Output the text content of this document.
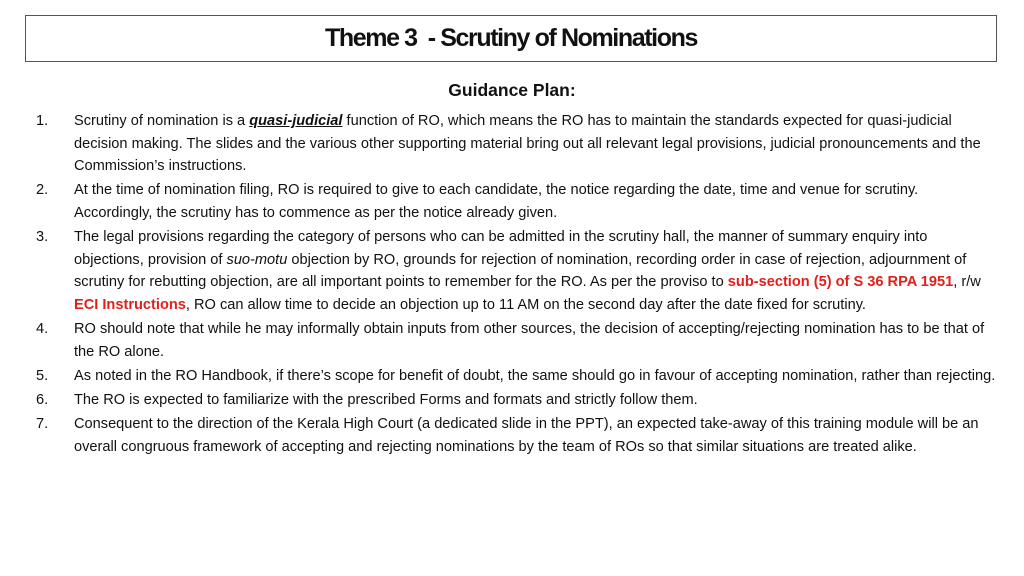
Theme 3  - Scrutiny of Nominations
Guidance Plan:
1. Scrutiny of nomination is a quasi-judicial function of RO, which means the RO has to maintain the standards expected for quasi-judicial decision making. The slides and the various other supporting material bring out all relevant legal provisions, judicial pronouncements and the Commission’s instructions.
2. At the time of nomination filing, RO is required to give to each candidate, the notice regarding the date, time and venue for scrutiny. Accordingly, the scrutiny has to commence as per the notice already given.
3. The legal provisions regarding the category of persons who can be admitted in the scrutiny hall, the manner of summary enquiry into objections, provision of suo-motu objection by RO, grounds for rejection of nomination, recording order in case of rejection, adjournment of scrutiny for rebutting objection, are all important points to remember for the RO. As per the proviso to sub-section (5) of S 36 RPA 1951, r/w ECI Instructions, RO can allow time to decide an objection up to 11 AM on the second day after the date fixed for scrutiny.
4. RO should note that while he may informally obtain inputs from other sources, the decision of accepting/rejecting nomination has to be that of the RO alone.
5. As noted in the RO Handbook, if there’s scope for benefit of doubt, the same should go in favour of accepting nomination, rather than rejecting.
6. The RO is expected to familiarize with the prescribed Forms and formats and strictly follow them.
7. Consequent to the direction of the Kerala High Court (a dedicated slide in the PPT), an expected take-away of this training module will be an overall congruous framework of accepting and rejecting nominations by the team of ROs so that similar situations are treated alike.
